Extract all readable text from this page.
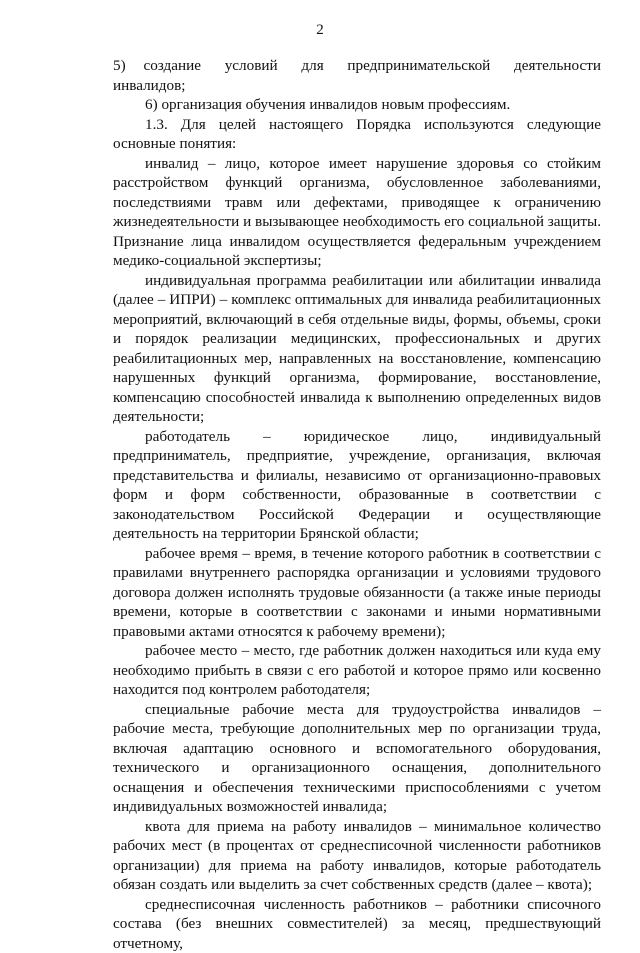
2

5)   создание    условий    для    предпринимательской    деятельности инвалидов;

6) организация обучения инвалидов новым профессиям.

1.3. Для целей настоящего Порядка используются следующие основные понятия:

инвалид – лицо, которое имеет нарушение здоровья со стойким расстройством функций организма, обусловленное заболеваниями, последствиями травм или дефектами, приводящее к ограничению жизнедеятельности и вызывающее необходимость его социальной защиты. Признание лица инвалидом осуществляется федеральным учреждением медико-социальной экспертизы;

индивидуальная программа реабилитации или абилитации инвалида (далее – ИПРИ) – комплекс оптимальных для инвалида реабилитационных мероприятий, включающий в себя отдельные виды, формы, объемы, сроки и порядок реализации медицинских, профессиональных и других реабилитационных мер, направленных на восстановление, компенсацию нарушенных функций организма, формирование, восстановление, компенсацию способностей инвалида к выполнению определенных видов деятельности;

работодатель – юридическое лицо, индивидуальный предприниматель, предприятие, учреждение, организация, включая представительства и филиалы, независимо от организационно-правовых форм и форм собственности, образованные в соответствии с законодательством Российской Федерации и осуществляющие деятельность на территории Брянской области;

рабочее время – время, в течение которого работник в соответствии с правилами внутреннего распорядка организации и условиями трудового договора должен исполнять трудовые обязанности (а также иные периоды времени, которые в соответствии с законами и иными нормативными правовыми актами относятся к рабочему времени);

рабочее место – место, где работник должен находиться или куда ему необходимо прибыть в связи с его работой и которое прямо или косвенно находится под контролем работодателя;

специальные рабочие места для трудоустройства инвалидов – рабочие места, требующие дополнительных мер по организации труда, включая адаптацию основного и вспомогательного оборудования, технического и организационного оснащения, дополнительного оснащения и обеспечения техническими приспособлениями с учетом индивидуальных возможностей инвалида;

квота для приема на работу инвалидов – минимальное количество рабочих мест (в процентах от среднесписочной численности работников организации) для приема на работу инвалидов, которые работодатель обязан создать или выделить за счет собственных средств (далее – квота);

среднесписочная численность работников – работники списочного состава (без внешних совместителей) за месяц, предшествующий отчетному,
